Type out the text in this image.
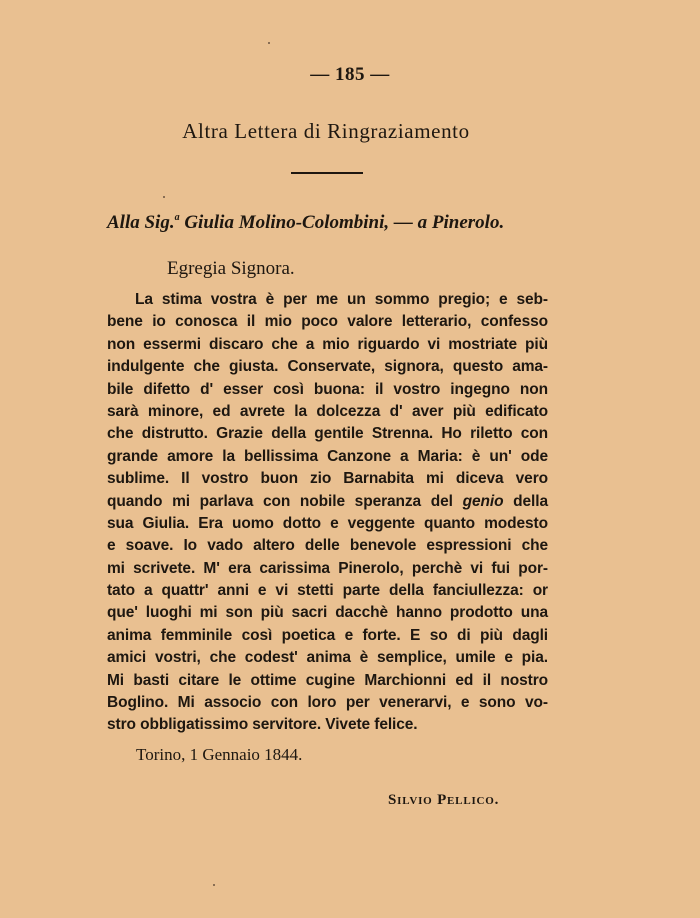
— 185 —
Altra Lettera di Ringraziamento
Alla Sig.$^a$ Giulia Molino-Colombini, — a Pinerolo.
Egregia Signora.
La stima vostra è per me un sommo pregio; e seb-
bene io conosca il mio poco valore letterario, confesso
non essermi discaro che a mio riguardo vi mostriate più
indulgente che giusta. Conservate, signora, questo ama-
bile difetto d' esser così buona: il vostro ingegno non
sarà minore, ed avrete la dolcezza d' aver più edificato
che distrutto. Grazie della gentile Strenna. Ho riletto con
grande amore la bellissima Canzone a Maria: è un' ode
sublime. Il vostro buon zio Barnabita mi diceva vero
quando mi parlava con nobile speranza del genio della
sua Giulia. Era uomo dotto e veggente quanto modesto
e soave. Io vado altero delle benevole espressioni che
mi scrivete. M' era carissima Pinerolo, perchè vi fui por-
tato a quattr' anni e vi stetti parte della fanciullezza: or
que' luoghi mi son più sacri dacchè hanno prodotto una
anima femminile così poetica e forte. E so di più dagli
amici vostri, che codest' anima è semplice, umile e pia.
Mi basti citare le ottime cugine Marchionni ed il nostro
Boglino. Mi associo con loro per venerarvi, e sono vo-
stro obbligatissimo servitore. Vivete felice.
Torino, 1 Gennaio 1844.
Silvio Pellico.
